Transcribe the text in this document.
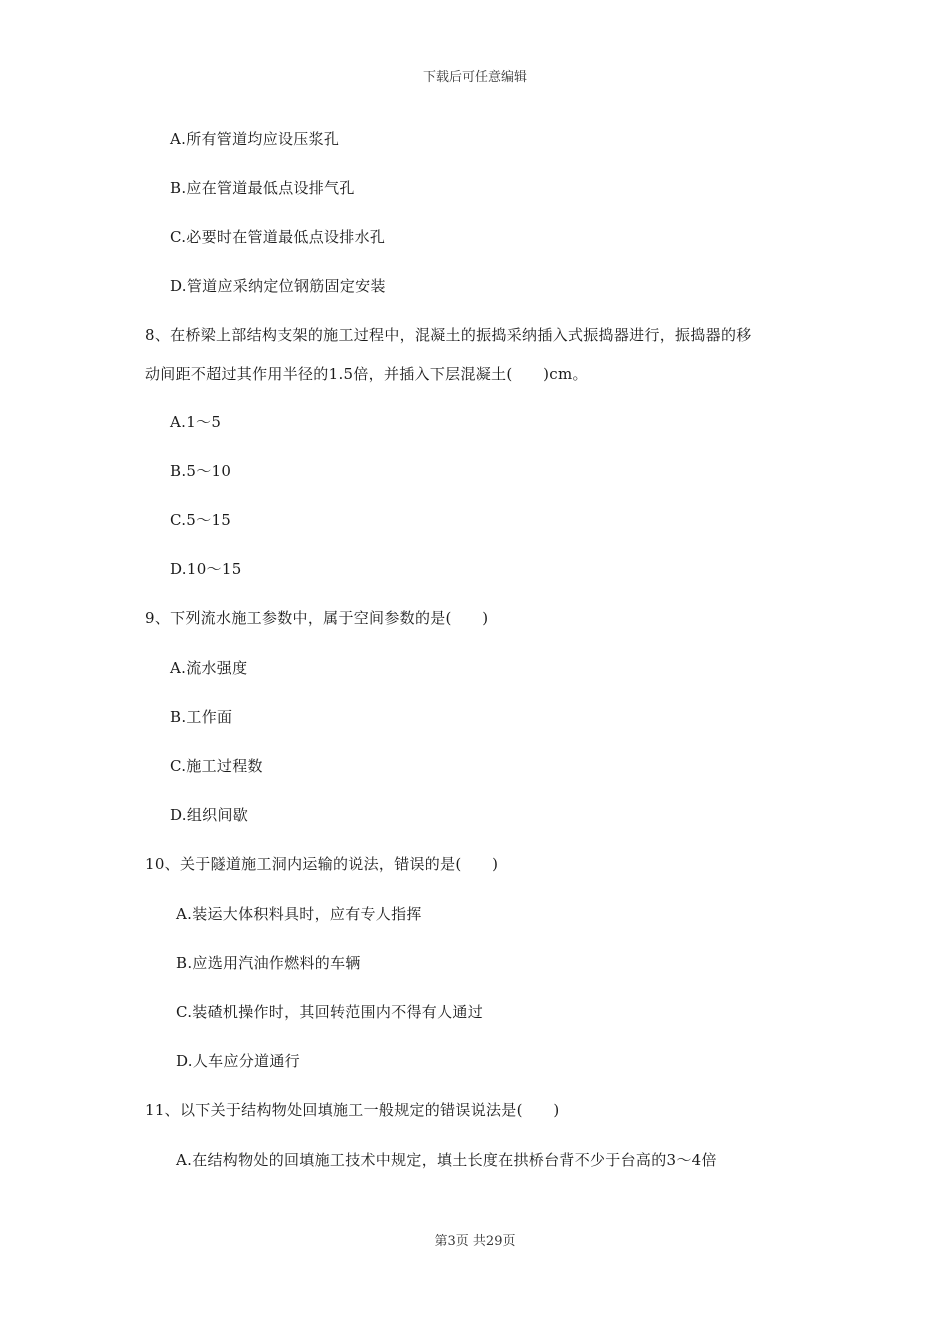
下载后可任意编辑
A.所有管道均应设压浆孔
B.应在管道最低点设排气孔
C.必要时在管道最低点设排水孔
D.管道应采纳定位钢筋固定安装
8、在桥梁上部结构支架的施工过程中，混凝土的振捣采纳插入式振捣器进行，振捣器的移
动间距不超过其作用半径的1.5倍，并插入下层混凝土(　　)cm。
A.1～5
B.5～10
C.5～15
D.10～15
9、下列流水施工参数中，属于空间参数的是(　　)
A.流水强度
B.工作面
C.施工过程数
D.组织间歇
10、关于隧道施工洞内运输的说法，错误的是(　　)
A.装运大体积料具时，应有专人指挥
B.应选用汽油作燃料的车辆
C.装碴机操作时，其回转范围内不得有人通过
D.人车应分道通行
11、以下关于结构物处回填施工一般规定的错误说法是(　　)
A.在结构物处的回填施工技术中规定，填土长度在拱桥台背不少于台高的3～4倍
第3页 共29页
